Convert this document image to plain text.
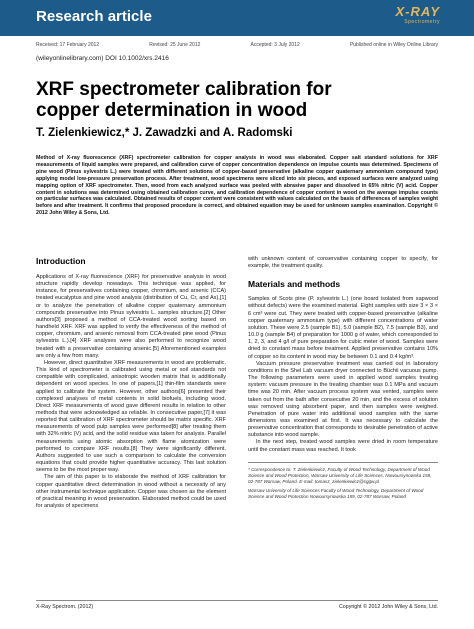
Research article	X-RAY
Spectrometry
Received: 17 February 2012	Revised: 25 June 2012	Accepted: 3 July 2012	Published online in Wiley Online Library
(wileyonlinelibrary.com) DOI 10.1002/xrs.2416
XRF spectrometer calibration for copper determination in wood
T. Zielenkiewicz,* J. Zawadzki and A. Radomski
Method of X-ray fluorescence (XRF) spectrometer calibration for copper analysis in wood was elaborated. Copper salt standard solutions for XRF measurements of liquid samples were prepared, and calibration curve of copper concentration dependence on impulse counts was determined. Specimens of pine wood (Pinus sylvestris L.) were treated with different solutions of copper-based preservative (alkaline copper quaternary ammonium compound type) applying model low-pressure preservation process. After treatment, wood specimens were sliced into six pieces, and exposed surfaces were analyzed using mapping option of XRF spectrometer. Then, wood from each analyzed surface was peeled with abrasive paper and dissolved in 65% nitric (V) acid. Copper content in solutions was determined using obtained calibration curve, and calibration dependence of copper content in wood on the average impulse counts on particular surfaces was calculated. Obtained results of copper content were consistent with values calculated on the basis of differences of samples weight before and after treatment. It confirms that proposed procedure is correct, and obtained equation may be used for unknown samples examination. Copyright © 2012 John Wiley & Sons, Ltd.
Introduction

Applications of X-ray fluorescence (XRF) for preservative analysis in wood structure rapidly develop nowadays. This technique was applied, for instance, for preservatives containing copper, chromium, and arsenic (CCA) treated eucalyptus and pine wood analysis (distribution of Cu, Cr, and As),[1] or to analyze the penetration of alkaline copper quaternary ammonium compounds preservative into Pinus sylvestris L. samples structure.[2] Other authors[3] proposed a method of CCA-treated wood sorting based on handheld XRF. XRF was applied to verify the effectiveness of the method of copper, chromium, and arsenic removal from CCA-treated pine wood (Pinus sylvestris L.).[4] XRF analyses were also performed to recognize wood treated with a preservative containing arsenic.[5] Aforementioned examples are only a few from many.

However, direct quantitative XRF measurements in wood are problematic. This kind of spectrometer is calibrated using metal or soil standards not compatible with complicated, anisotropic wooden matrix that is additionally dependent on wood species. In one of papers,[1] thin-film standards were applied to calibrate the system. However, other authors[6] presented their complexed analyses of metal contents in solid biofuels, including wood. Direct XRF measurements of wood gave different results in relation to other methods that were acknowledged as reliable. In consecutive paper,[7] it was reported that calibration of XRF spectrometer should be matrix specific. XRF measurements of wood pulp samples were performed[8] after treating them with 32% nitric (V) acid, and the solid residue was taken for analysis. Parallel measurements using atomic absorption with flame atomization were performed to compare XRF results.[8] They were significantly different. Authors suggested to use such a comparison to calculate the conversion equations that could provide higher quantitative accuracy. This last solution seems to be the most proper way.

The aim of this paper is to elaborate the method of XRF calibration for copper quantitative direct determination in wood without a necessity of any other instrumental technique application. Copper was chosen as the element of practical meaning in wood preservation. Elaborated method could be used for analysis of specimens

with unknown content of conservative containing copper to specify, for example, the treatment quality.

Materials and methods

Samples of Scots pine (P. sylvestris L.) (one board isolated from sapwood without defects) were the examined material. Eight samples with size 3 × 3 × 6 cm³ were cut. They were treated with copper-based preservative (alkaline copper quaternary ammonium type) with different concentrations of water solution. These were 2.5 (sample B1), 5.0 (sample B2), 7.5 (sample B3), and 10.0 g (sample B4) of preparation for 1000 g of water, which corresponded to 1, 2, 3, and 4 g/l of pure preparation for cubic meter of wood. Samples were dried to constant mass before treatment. Applied preservative contains 10% of copper so its content in wood may be between 0.1 and 0.4 kg/m³.

Vacuum pressure preservative treatment was carried out in laboratory conditions in the Shel Lab vacuum dryer connected to Büchii vacuous pump. The following parameters were used in applied wood samples treating system: vacuum pressure in the treating chamber was 0.1 MPa and vacuum time was 20 min. After vacuum process system was vented, samples were taken out from the bath after consecutive 20 min, and the excess of solution was removed using absorbent paper, and then samples were weighed. Penetration of pure water into additional wood samples with the same dimensions was examined at first. It was necessary to calculate the preservative concentration that corresponds to desirable penetration of active substance into wood sample.

In the next step, treated wood samples were dried in room temperature until the constant mass was reached. It took

* Correspondence to: T. Zielenkiewicz, Faculty of Wood Technology, Department of Wood Science and Wood Protection, Warsaw University of Life Sciences, Nowoursynowska 159, 02-787 Warsaw, Poland. E-mail: tomasz_zielenkiewicz@sggw.pl
Warsaw University of Life Sciences Faculty of Wood Technology, Department of Wood Science and Wood Protection Nowoursynowska 159, 02-787 Warsaw, Poland
X-Ray Spectrom. (2012)	Copyright © 2012 John Wiley & Sons, Ltd.
